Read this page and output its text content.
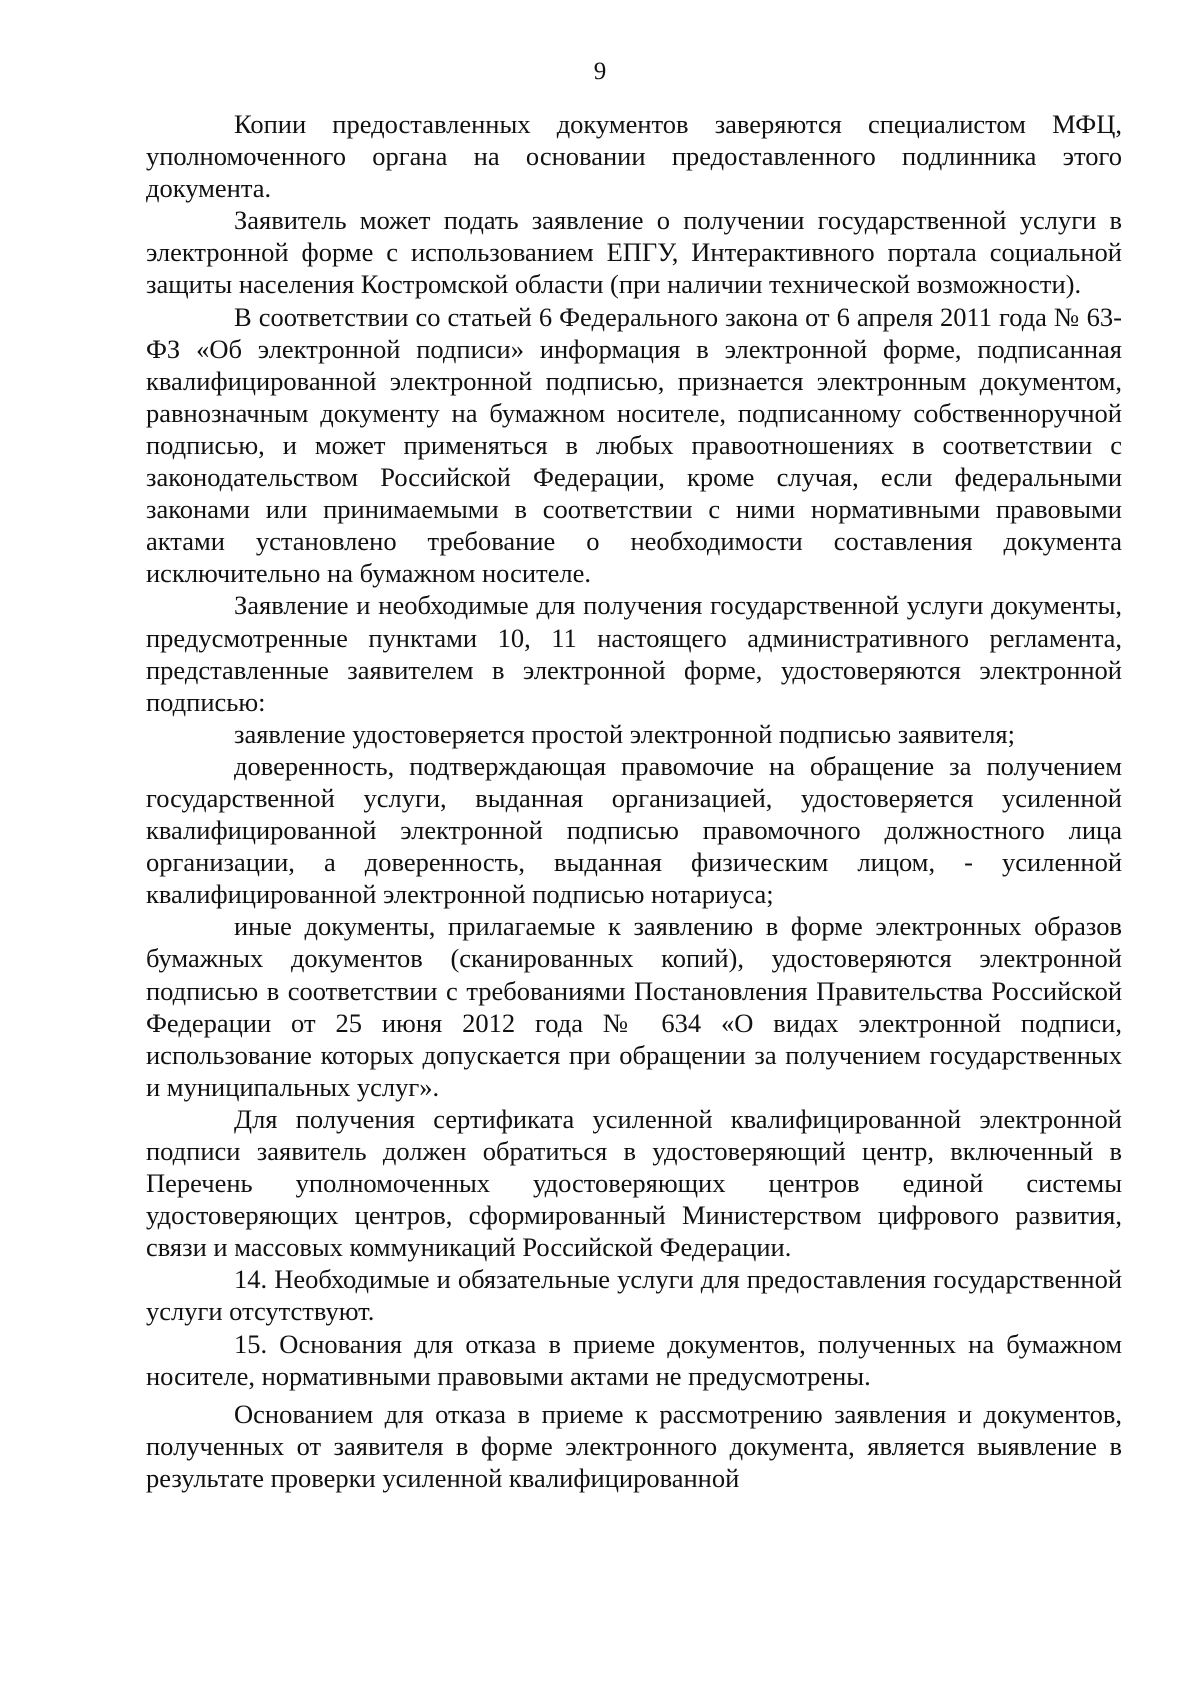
9

Копии предоставленных документов заверяются специалистом МФЦ, уполномоченного органа на основании предоставленного подлинника этого документа.

Заявитель может подать заявление о получении государственной услуги в электронной форме с использованием ЕПГУ, Интерактивного портала социальной защиты населения Костромской области (при наличии технической возможности).

В соответствии со статьей 6 Федерального закона от 6 апреля 2011 года № 63-ФЗ «Об электронной подписи» информация в электронной форме, подписанная квалифицированной электронной подписью, признается электронным документом, равнозначным документу на бумажном носителе, подписанному собственноручной подписью, и может применяться в любых правоотношениях в соответствии с законодательством Российской Федерации, кроме случая, если федеральными законами или принимаемыми в соответствии с ними нормативными правовыми актами установлено требование о необходимости составления документа исключительно на бумажном носителе.

Заявление и необходимые для получения государственной услуги документы, предусмотренные пунктами 10, 11 настоящего административного регламента, представленные заявителем в электронной форме, удостоверяются электронной подписью:

заявление удостоверяется простой электронной подписью заявителя;

доверенность, подтверждающая правомочие на обращение за получением государственной услуги, выданная организацией, удостоверяется усиленной квалифицированной электронной подписью правомочного должностного лица организации, а доверенность, выданная физическим лицом, - усиленной квалифицированной электронной подписью нотариуса;

иные документы, прилагаемые к заявлению в форме электронных образов бумажных документов (сканированных копий), удостоверяются электронной подписью в соответствии с требованиями Постановления Правительства Российской Федерации от 25 июня 2012 года № 634 «О видах электронной подписи, использование которых допускается при обращении за получением государственных и муниципальных услуг».

Для получения сертификата усиленной квалифицированной электронной подписи заявитель должен обратиться в удостоверяющий центр, включенный в Перечень уполномоченных удостоверяющих центров единой системы удостоверяющих центров, сформированный Министерством цифрового развития, связи и массовых коммуникаций Российской Федерации.

14. Необходимые и обязательные услуги для предоставления государственной услуги отсутствуют.

15. Основания для отказа в приеме документов, полученных на бумажном носителе, нормативными правовыми актами не предусмотрены.

Основанием для отказа в приеме к рассмотрению заявления и документов, полученных от заявителя в форме электронного документа, является выявление в результате проверки усиленной квалифицированной
